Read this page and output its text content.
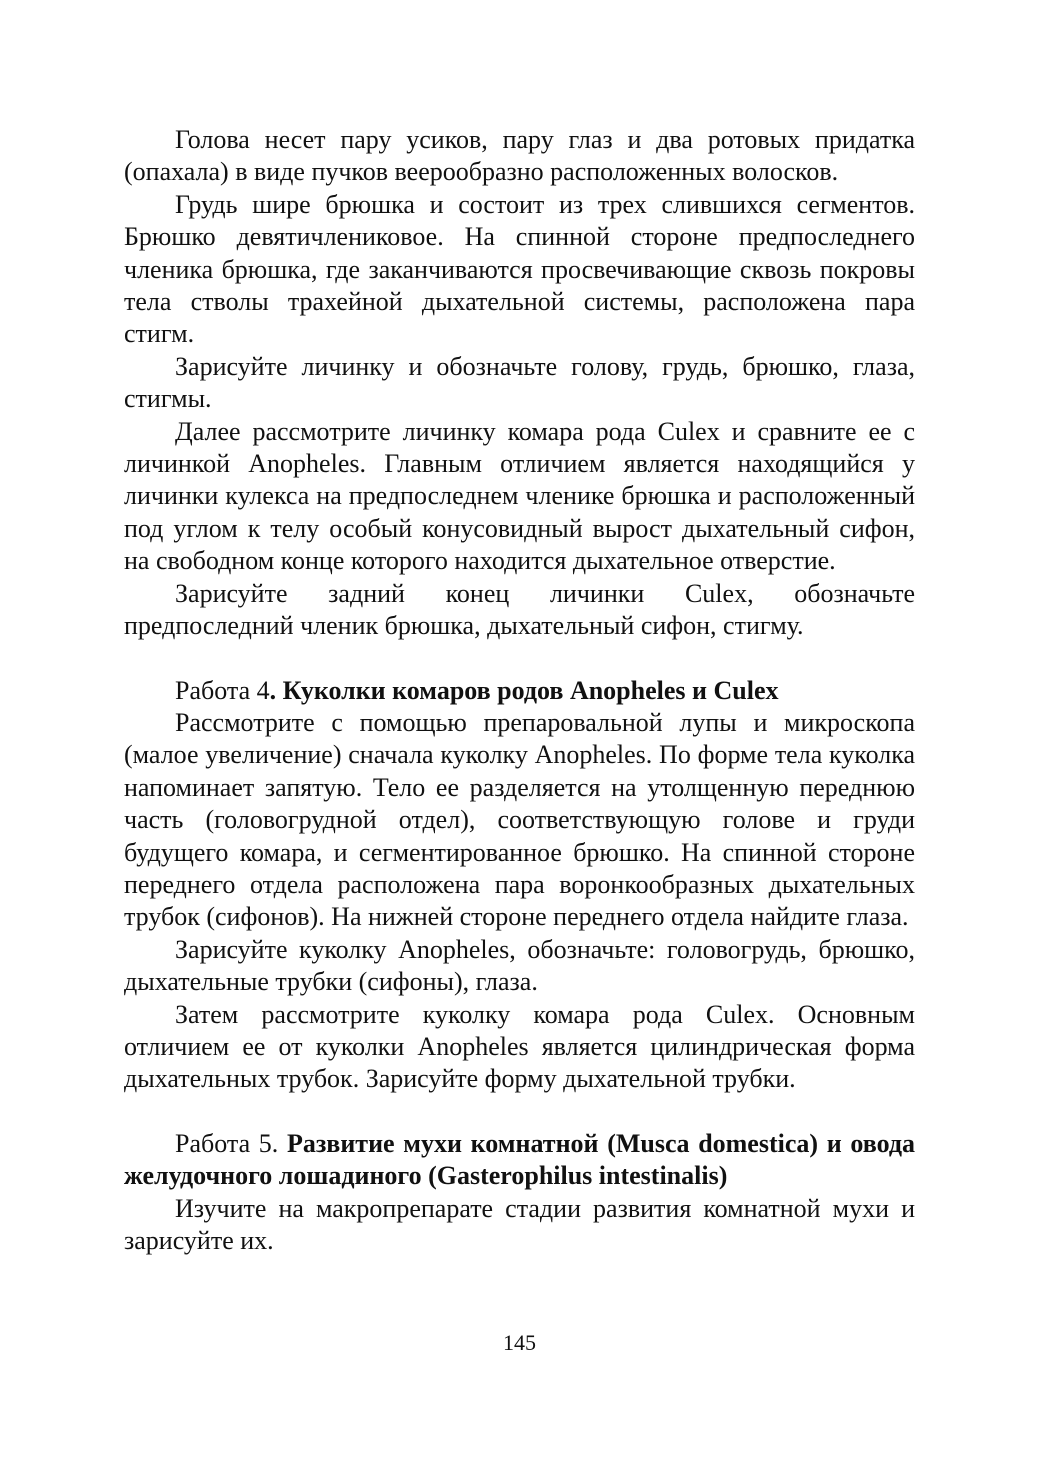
Голова несет пару усиков, пару глаз и два ротовых придатка (опахала) в виде пучков веерообразно расположенных волосков.

Грудь шире брюшка и состоит из трех слившихся сегментов. Брюшко девятичлениковое. На спинной стороне предпоследнего членика брюшка, где заканчиваются просвечивающие сквозь покровы тела стволы трахейной дыхательной системы, расположена пара стигм.

Зарисуйте личинку и обозначьте голову, грудь, брюшко, глаза, стигмы.

Далее рассмотрите личинку комара рода Culex и сравните ее с личинкой Anopheles. Главным отличием является находящийся у личинки кулекса на предпоследнем членике брюшка и расположенный под углом к телу особый конусовидный вырост дыхательный сифон, на свободном конце которого находится дыхательное отверстие.

Зарисуйте задний конец личинки Culex, обозначьте предпоследний членик брюшка, дыхательный сифон, стигму.

Работа 4. Куколки комаров родов Anopheles и Culex

Рассмотрите с помощью препаровальной лупы и микроскопа (малое увеличение) сначала куколку Anopheles. По форме тела куколка напоминает запятую. Тело ее разделяется на утолщенную переднюю часть (головогрудной отдел), соответствующую голове и груди будущего комара, и сегментированное брюшко. На спинной стороне переднего отдела расположена пара воронкообразных дыхательных трубок (сифонов). На нижней стороне переднего отдела найдите глаза.

Зарисуйте куколку Anopheles, обозначьте: головогрудь, брюшко, дыхательные трубки (сифоны), глаза.

Затем рассмотрите куколку комара рода Culex. Основным отличием ее от куколки Anopheles является цилиндрическая форма дыхательных трубок. Зарисуйте форму дыхательной трубки.

Работа 5. Развитие мухи комнатной (Musca domestica) и овода желудочного лошадиного (Gasterophilus intestinalis)

Изучите на макропрепарате стадии развития комнатной мухи и зарисуйте их.

145
